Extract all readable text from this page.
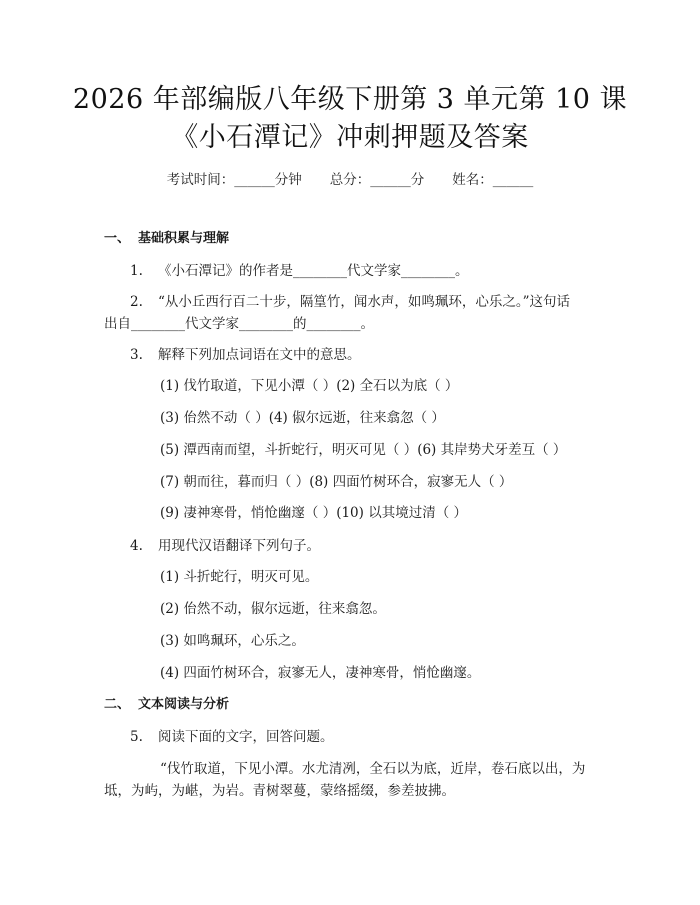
2026 年部编版八年级下册第 3 单元第 10 课
《小石潭记》冲刺押题及答案
考试时间：______分钟 总分：______分 姓名：______
一、 基础积累与理解
1. 《小石潭记》的作者是________代文学家________。
2. “从小丘西行百二十步，隔篁竹，闻水声，如鸣珮环，心乐之。”这句话
出自________代文学家________的________。
3. 解释下列加点词语在文中的意思。
(1) 伐竹取道，下见小潭（ ）(2) 全石以为底（ ）
(3) 佁然不动（ ）(4) 俶尔远逝，往来翕忽（ ）
(5) 潭西南而望，斗折蛇行，明灭可见（ ）(6) 其岸势犬牙差互（ ）
(7) 朝而往，暮而归（ ）(8) 四面竹树环合，寂寥无人（ ）
(9) 凄神寒骨，悄怆幽邃（ ）(10) 以其境过清（ ）
4. 用现代汉语翻译下列句子。
(1) 斗折蛇行，明灭可见。
(2) 佁然不动，俶尔远逝，往来翕忽。
(3) 如鸣珮环，心乐之。
(4) 四面竹树环合，寂寥无人，凄神寒骨，悄怆幽邃。
二、 文本阅读与分析
5. 阅读下面的文字，回答问题。
“伐竹取道，下见小潭。水尤清冽，全石以为底，近岸，卷石底以出，为
坻，为屿，为嵁，为岩。青树翠蔓，蒙络摇缀，参差披拂。
